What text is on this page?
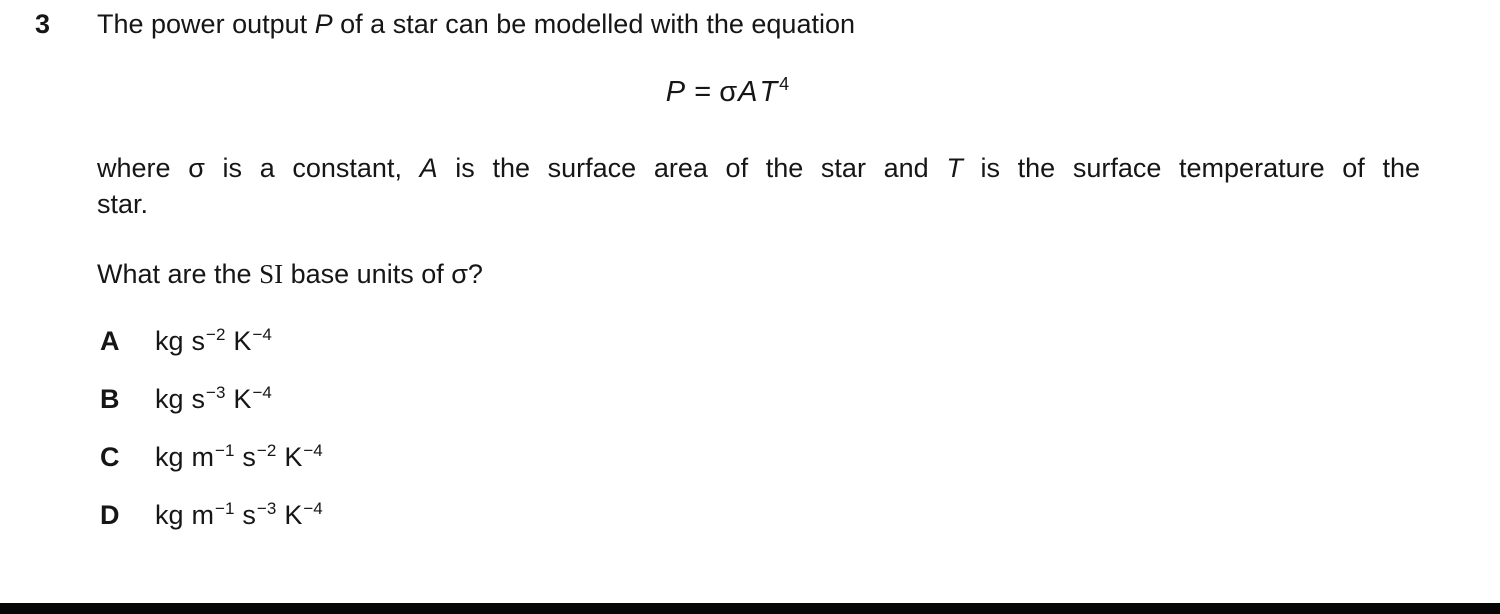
3 The power output P of a star can be modelled with the equation
P = σAT $^4$
where σ is a constant, A is the surface area of the star and T is the surface temperature of the
star.
What are the SI base units of σ?
A	kg $s^{-2}$ $K^{-4}$
B	kg $s^{-3}$ $K^{-4}$
C	kg $m^{-1}$ $s^{-2}$ $K^{-4}$
D	kg $m^{-1}$ $s^{-3}$ $K^{-4}$
